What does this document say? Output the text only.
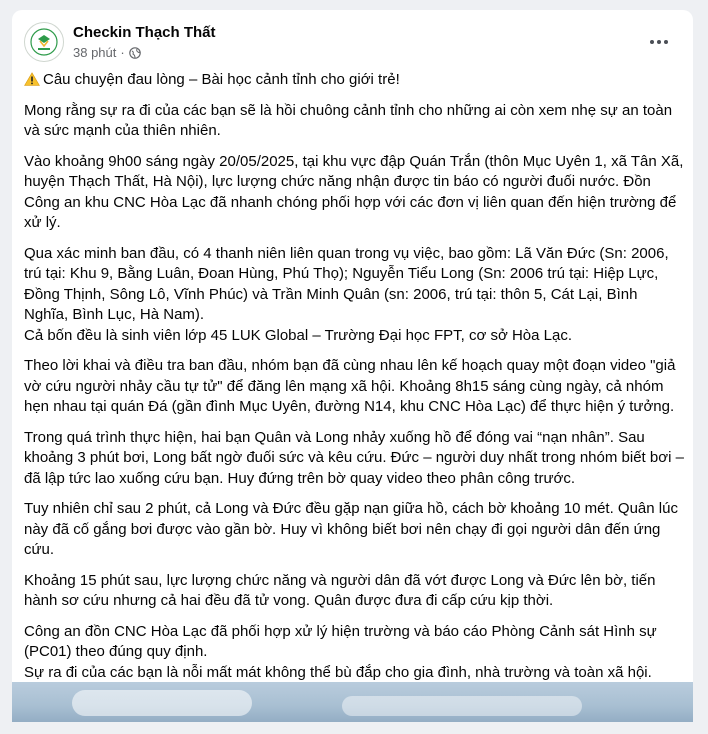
Checkin Thạch Thất
38 phút ·

Câu chuyện đau lòng – Bài học cảnh tỉnh cho giới trẻ!

Mong rằng sự ra đi của các bạn sẽ là hồi chuông cảnh tỉnh cho những ai còn xem nhẹ sự an toàn và sức mạnh của thiên nhiên.

Vào khoảng 9h00 sáng ngày 20/05/2025, tại khu vực đập Quán Trắn (thôn Mục Uyên 1, xã Tân Xã, huyện Thạch Thất, Hà Nội), lực lượng chức năng nhận được tin báo có người đuối nước. Đồn Công an khu CNC Hòa Lạc đã nhanh chóng phối hợp với các đơn vị liên quan đến hiện trường để xử lý.

Qua xác minh ban đầu, có 4 thanh niên liên quan trong vụ việc, bao gồm: Lã Văn Đức (Sn: 2006, trú tại: Khu 9, Bằng Luân, Đoan Hùng, Phú Thọ); Nguyễn Tiểu Long (Sn: 2006 trú tại: Hiệp Lực, Đồng Thịnh, Sông Lô, Vĩnh Phúc) và Trần Minh Quân (sn: 2006, trú tại: thôn 5, Cát Lại, Bình Nghĩa, Bình Lục, Hà Nam).

Cả bốn đều là sinh viên lớp 45 LUK Global – Trường Đại học FPT, cơ sở Hòa Lạc.

Theo lời khai và điều tra ban đầu, nhóm bạn đã cùng nhau lên kế hoạch quay một đoạn video "giả vờ cứu người nhảy cầu tự tử" để đăng lên mạng xã hội. Khoảng 8h15 sáng cùng ngày, cả nhóm hẹn nhau tại quán Đá (gần đình Mục Uyên, đường N14, khu CNC Hòa Lạc) để thực hiện ý tưởng.

Trong quá trình thực hiện, hai bạn Quân và Long nhảy xuống hồ để đóng vai “nạn nhân”. Sau khoảng 3 phút bơi, Long bất ngờ đuối sức và kêu cứu. Đức – người duy nhất trong nhóm biết bơi – đã lập tức lao xuống cứu bạn. Huy đứng trên bờ quay video theo phân công trước.

Tuy nhiên chỉ sau 2 phút, cả Long và Đức đều gặp nạn giữa hồ, cách bờ khoảng 10 mét. Quân lúc này đã cố gắng bơi được vào gần bờ. Huy vì không biết bơi nên chạy đi gọi người dân đến ứng cứu.

Khoảng 15 phút sau, lực lượng chức năng và người dân đã vớt được Long và Đức lên bờ, tiến hành sơ cứu nhưng cả hai đều đã tử vong. Quân được đưa đi cấp cứu kịp thời.

Công an đồn CNC Hòa Lạc đã phối hợp xử lý hiện trường và báo cáo Phòng Cảnh sát Hình sự (PC01) theo đúng quy định.

Sự ra đi của các bạn là nỗi mất mát không thể bù đắp cho gia đình, nhà trường và toàn xã hội.
